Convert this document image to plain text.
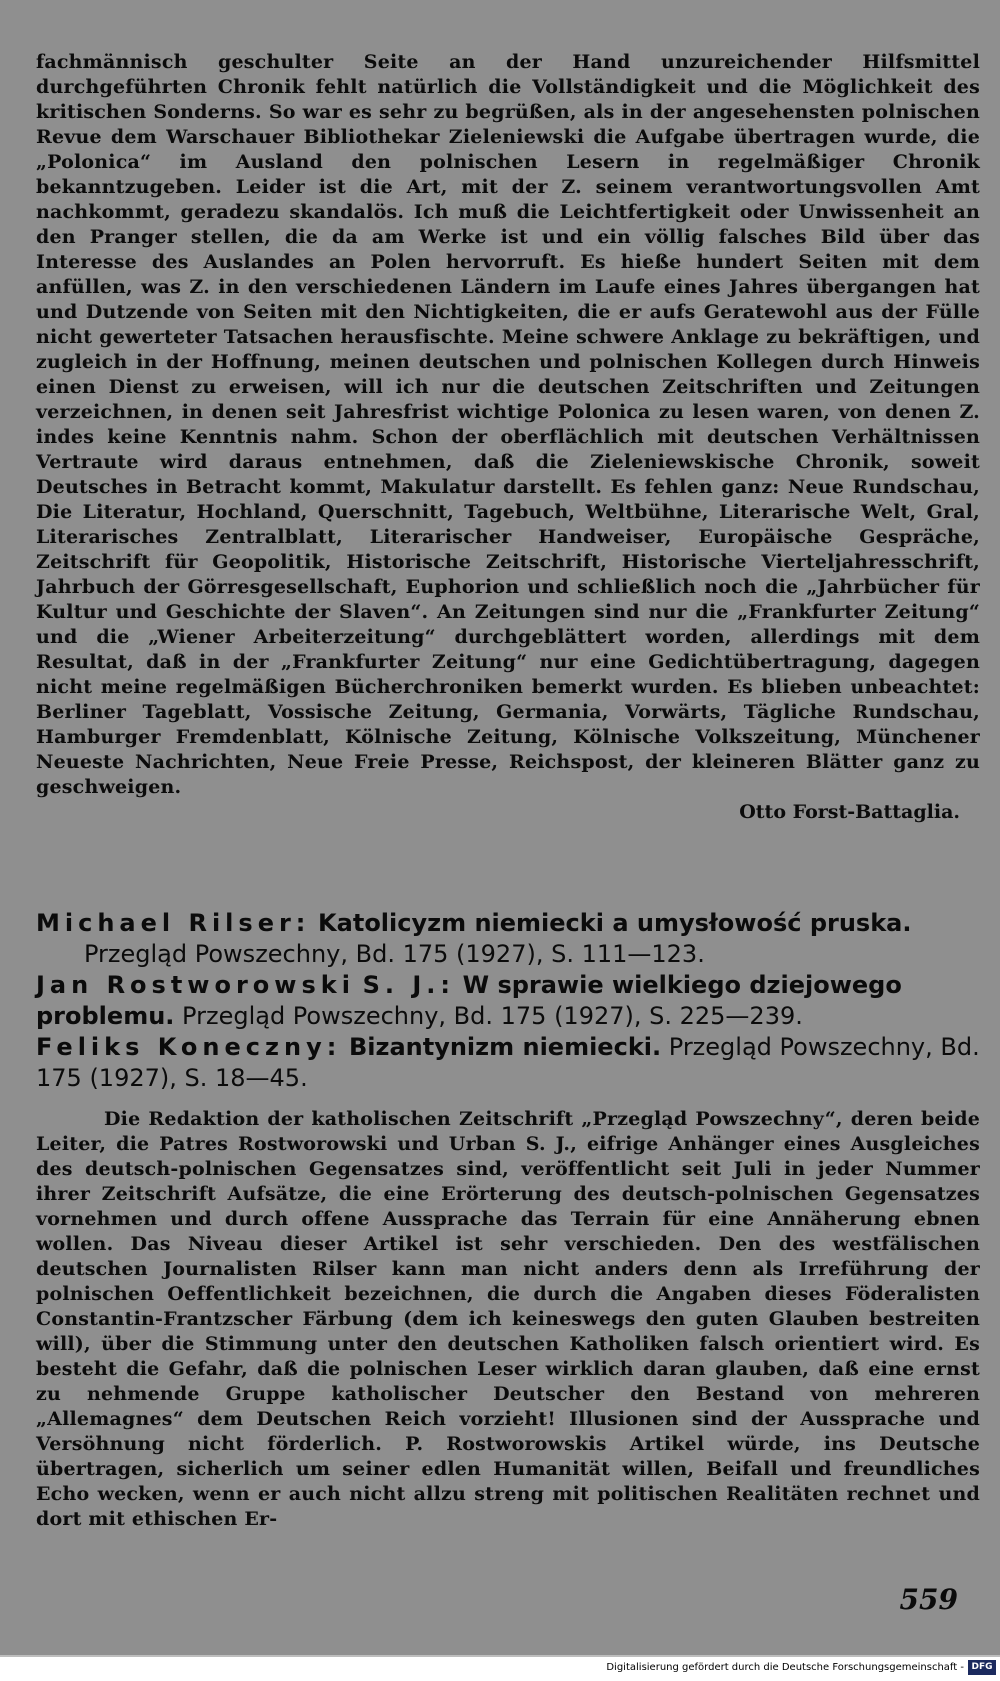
fachmännisch geschulter Seite an der Hand unzureichender Hilfsmittel durchgeführten Chronik fehlt natürlich die Vollständigkeit und die Möglichkeit des kritischen Sonderns. So war es sehr zu begrüßen, als in der angesehensten polnischen Revue dem Warschauer Bibliothekar Zieleniewski die Aufgabe übertragen wurde, die „Polonica“ im Ausland den polnischen Lesern in regelmäßiger Chronik bekanntzugeben. Leider ist die Art, mit der Z. seinem verantwortungsvollen Amt nachkommt, geradezu skandalös. Ich muß die Leichtfertigkeit oder Unwissenheit an den Pranger stellen, die da am Werke ist und ein völlig falsches Bild über das Interesse des Auslandes an Polen hervorruft. Es hieße hundert Seiten mit dem anfüllen, was Z. in den verschiedenen Ländern im Laufe eines Jahres übergangen hat und Dutzende von Seiten mit den Nichtigkeiten, die er aufs Geratewohl aus der Fülle nicht gewerteter Tatsachen herausfischte. Meine schwere Anklage zu bekräftigen, und zugleich in der Hoffnung, meinen deutschen und polnischen Kollegen durch Hinweis einen Dienst zu erweisen, will ich nur die deutschen Zeitschriften und Zeitungen verzeichnen, in denen seit Jahresfrist wichtige Polonica zu lesen waren, von denen Z. indes keine Kenntnis nahm. Schon der oberflächlich mit deutschen Verhältnissen Vertraute wird daraus entnehmen, daß die Zieleniewskische Chronik, soweit Deutsches in Betracht kommt, Makulatur darstellt. Es fehlen ganz: Neue Rundschau, Die Literatur, Hochland, Querschnitt, Tagebuch, Weltbühne, Literarische Welt, Gral, Literarisches Zentralblatt, Literarischer Handweiser, Europäische Gespräche, Zeitschrift für Geopolitik, Historische Zeitschrift, Historische Vierteljahresschrift, Jahrbuch der Görresgesellschaft, Euphorion und schließlich noch die „Jahrbücher für Kultur und Geschichte der Slaven“. An Zeitungen sind nur die „Frankfurter Zeitung“ und die „Wiener Arbeiterzeitung“ durchgeblättert worden, allerdings mit dem Resultat, daß in der „Frankfurter Zeitung“ nur eine Gedichtübertragung, dagegen nicht meine regelmäßigen Bücherchroniken bemerkt wurden. Es blieben unbeachtet: Berliner Tageblatt, Vossische Zeitung, Germania, Vorwärts, Tägliche Rundschau, Hamburger Fremdenblatt, Kölnische Zeitung, Kölnische Volkszeitung, Münchener Neueste Nachrichten, Neue Freie Presse, Reichspost, der kleineren Blätter ganz zu geschweigen.

Otto Forst-Battaglia.

Michael Rilser: Katolicyzm niemiecki a umysłowość pruska.
Przegląd Powszechny, Bd. 175 (1927), S. 111—123.

Jan Rostworowski S. J.: W sprawie wielkiego dziejowego problemu. Przegląd Powszechny, Bd. 175 (1927), S. 225—239.

Feliks Koneczny: Bizantynizm niemiecki. Przegląd Powszechny, Bd. 175 (1927), S. 18—45.

Die Redaktion der katholischen Zeitschrift „Przegląd Powszechny“, deren beide Leiter, die Patres Rostworowski und Urban S. J., eifrige Anhänger eines Ausgleiches des deutsch-polnischen Gegensatzes sind, veröffentlicht seit Juli in jeder Nummer ihrer Zeitschrift Aufsätze, die eine Erörterung des deutsch-polnischen Gegensatzes vornehmen und durch offene Aussprache das Terrain für eine Annäherung ebnen wollen. Das Niveau dieser Artikel ist sehr verschieden. Den des westfälischen deutschen Journalisten Rilser kann man nicht anders denn als Irreführung der polnischen Oeffentlichkeit bezeichnen, die durch die Angaben dieses Föderalisten Constantin-Frantzscher Färbung (dem ich keineswegs den guten Glauben bestreiten will), über die Stimmung unter den deutschen Katholiken falsch orientiert wird. Es besteht die Gefahr, daß die polnischen Leser wirklich daran glauben, daß eine ernst zu nehmende Gruppe katholischer Deutscher den Bestand von mehreren „Allemagnes“ dem Deutschen Reich vorzieht! Illusionen sind der Aussprache und Versöhnung nicht förderlich. P. Rostworowskis Artikel würde, ins Deutsche übertragen, sicherlich um seiner edlen Humanität willen, Beifall und freundliches Echo wecken, wenn er auch nicht allzu streng mit politischen Realitäten rechnet und dort mit ethischen Er-

559
Digitalisierung gefördert durch die Deutsche Forschungsgemeinschaft - DFG
